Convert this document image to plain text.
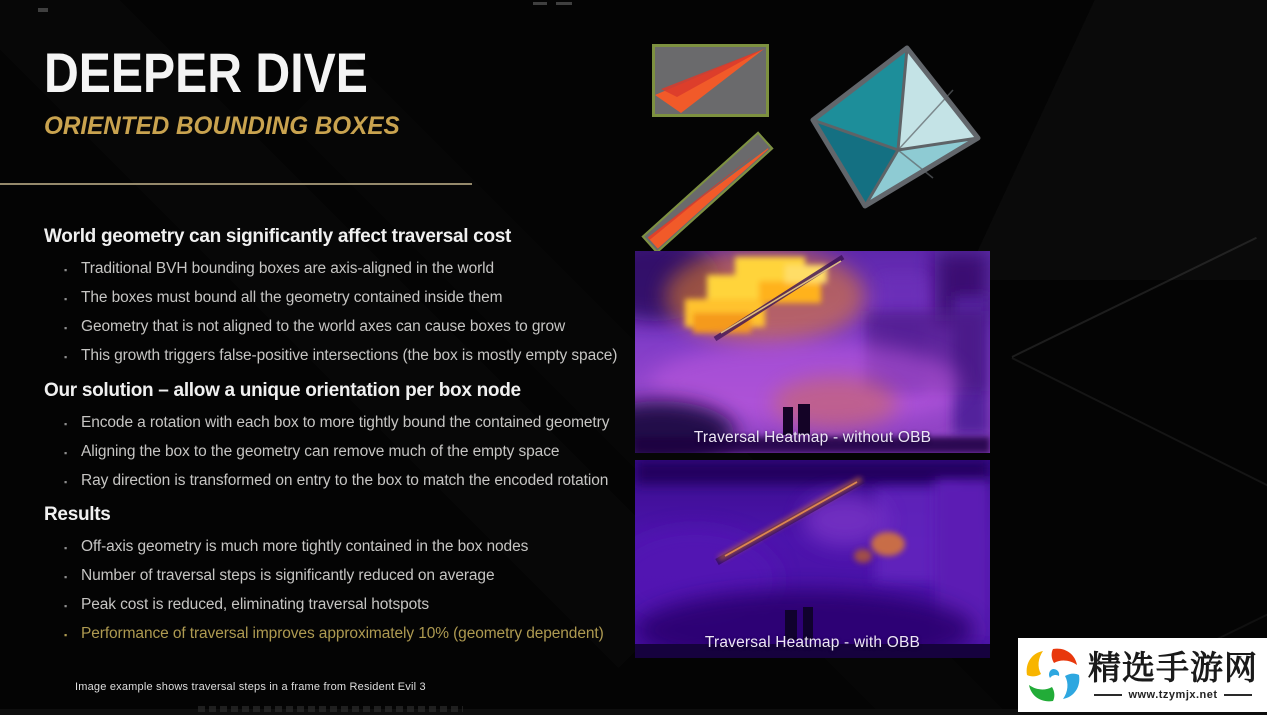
DEEPER DIVE
ORIENTED BOUNDING BOXES
World geometry can significantly affect traversal cost
▪ Traditional BVH bounding boxes are axis-aligned in the world
▪ The boxes must bound all the geometry contained inside them
▪ Geometry that is not aligned to the world axes can cause boxes to grow
▪ This growth triggers false-positive intersections (the box is mostly empty space)
Our solution – allow a unique orientation per box node
▪ Encode a rotation with each box to more tightly bound the contained geometry
▪ Aligning the box to the geometry can remove much of the empty space
▪ Ray direction is transformed on entry to the box to match the encoded rotation
Results
▪ Off-axis geometry is much more tightly contained in the box nodes
▪ Number of traversal steps is significantly reduced on average
▪ Peak cost is reduced, eliminating traversal hotspots
▪ Performance of traversal improves approximately 10% (geometry dependent)
Image example shows traversal steps in a frame from Resident Evil 3
Traversal Heatmap - without OBB
Traversal Heatmap - with OBB
精选手游网
www.tzymjx.net
